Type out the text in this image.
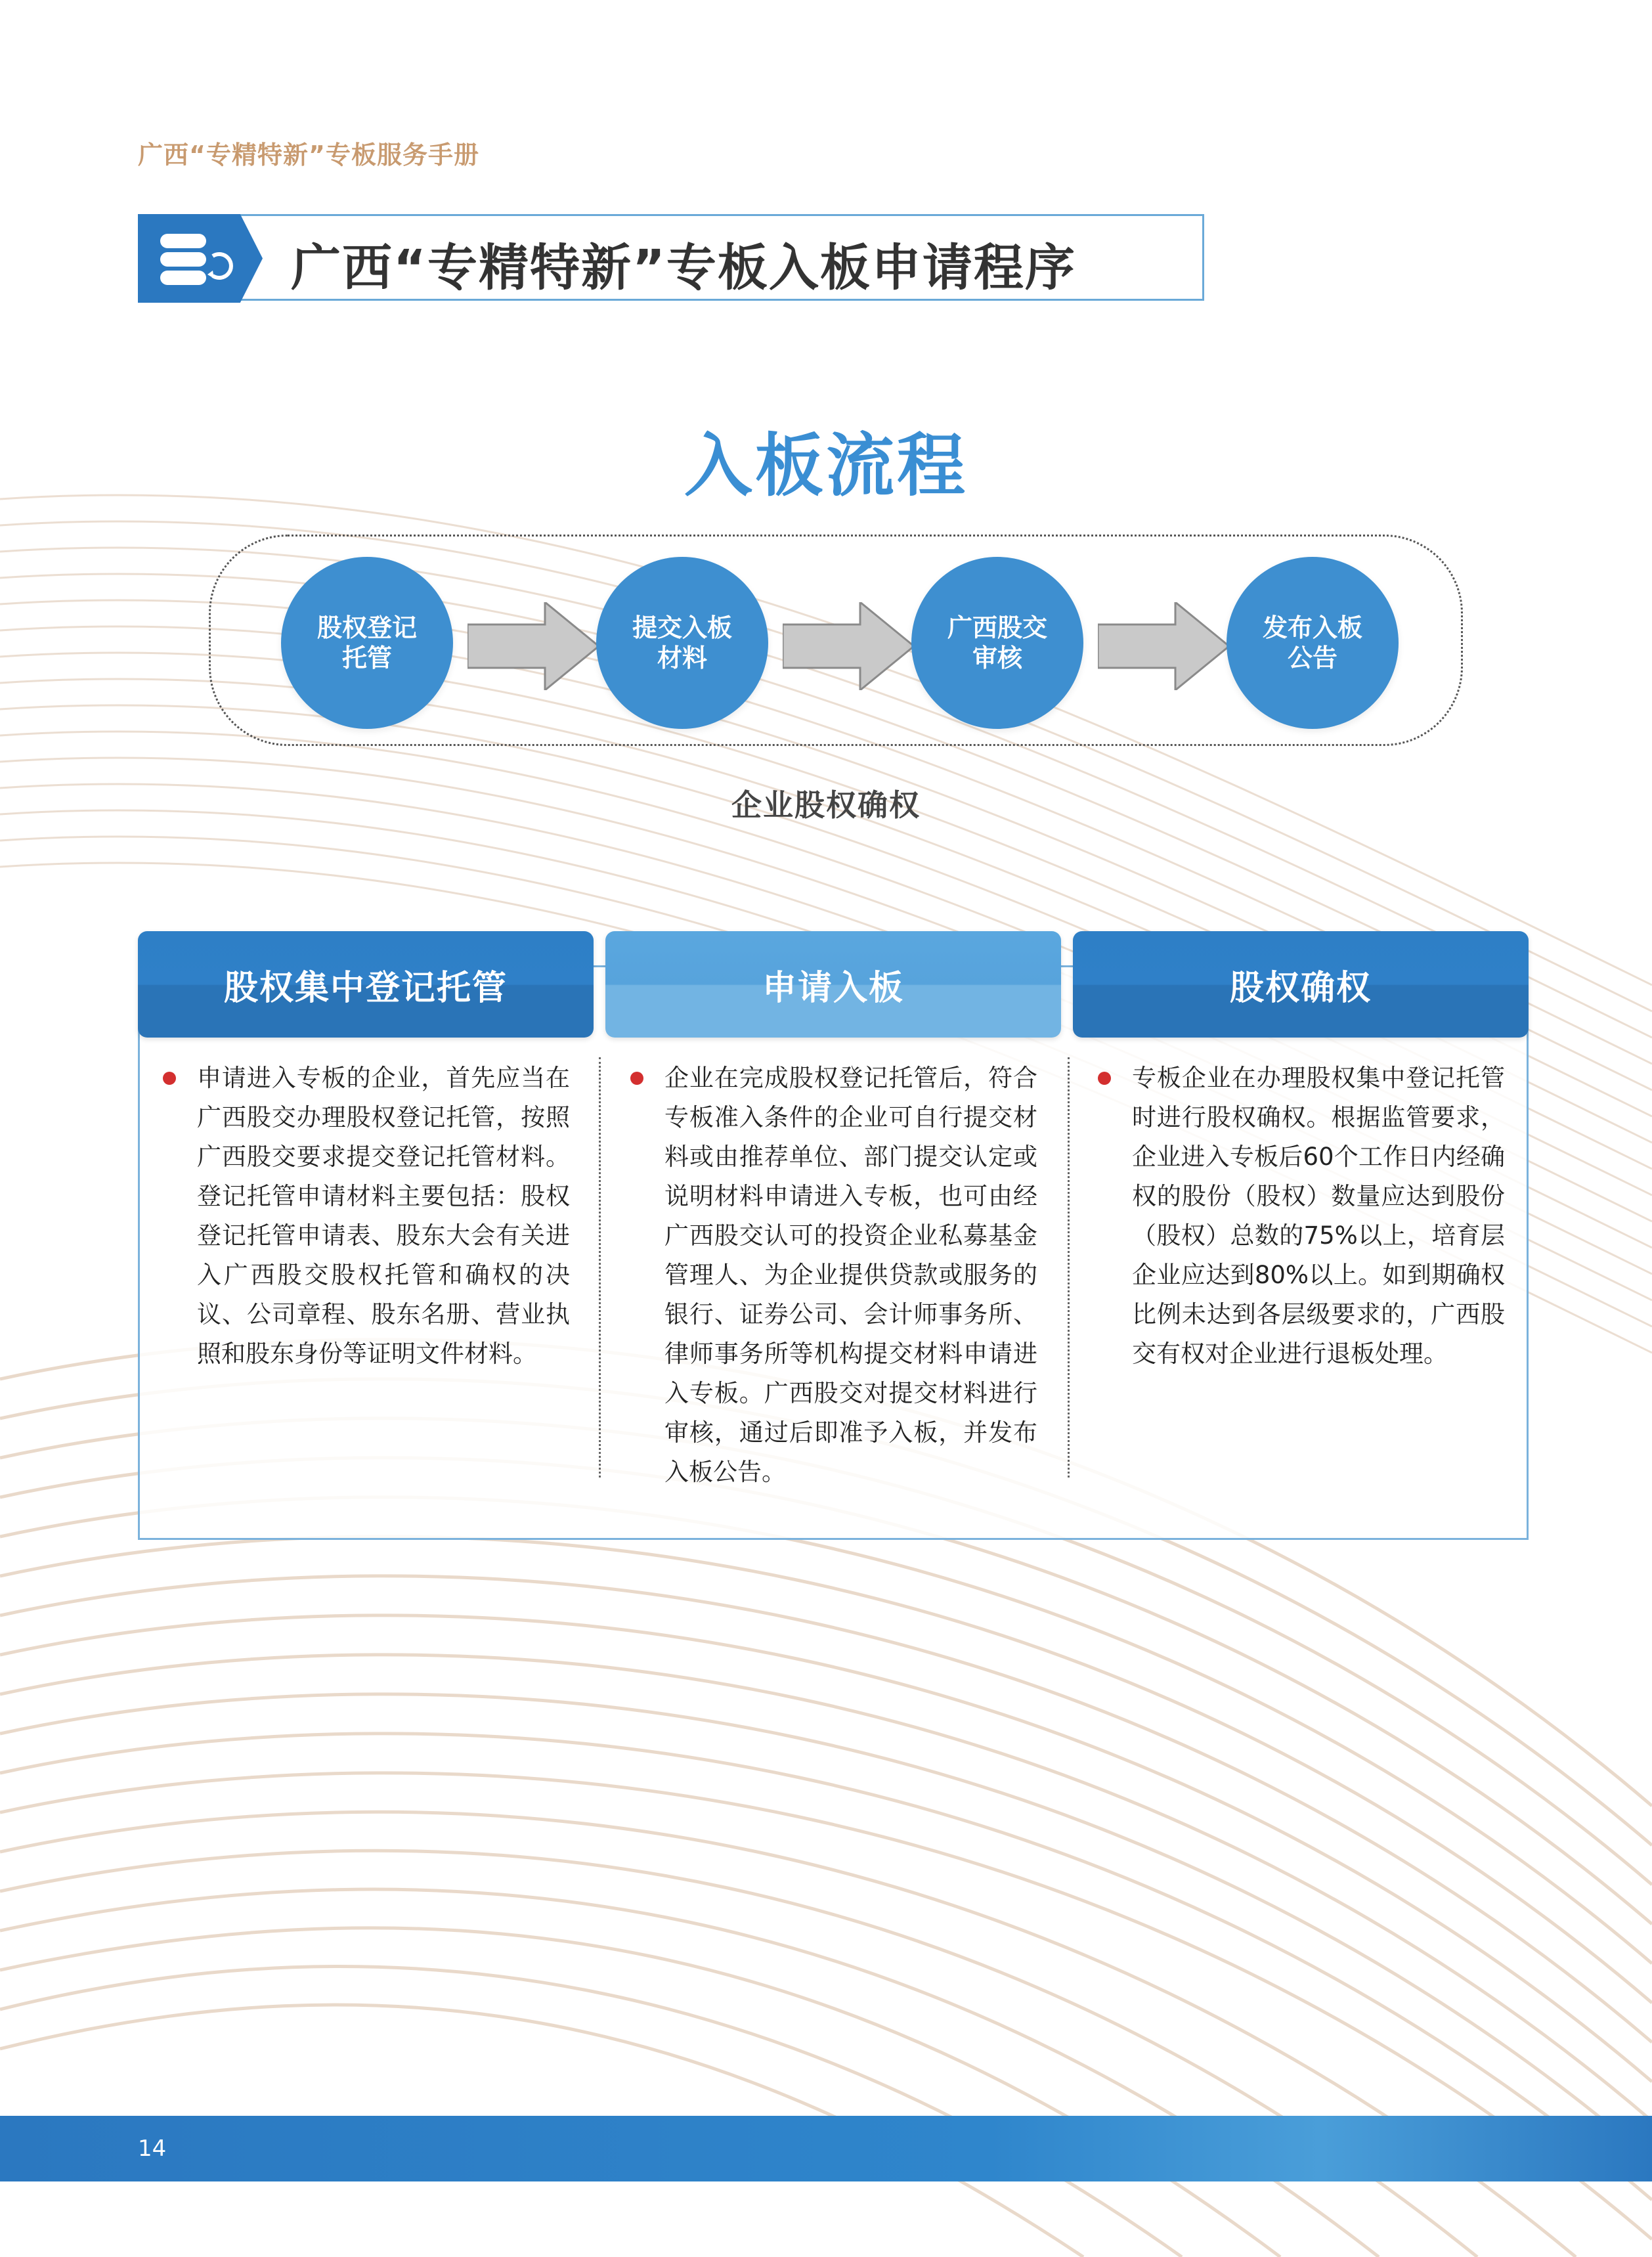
广西“专精特新”专板服务手册
广西“专精特新”专板入板申请程序
入板流程
股权登记
托管
提交入板
材料
广西股交
审核
发布入板
公告
企业股权确权
股权集中登记托管	申请入板	股权确权
申请进入专板的企业，首先应当在广西股交办理股权登记托管，按照广西股交要求提交登记托管材料。登记托管申请材料主要包括：股权登记托管申请表、股东大会有关进入广西股交股权托管和确权的决议、公司章程、股东名册、营业执照和股东身份等证明文件材料。
企业在完成股权登记托管后，符合专板准入条件的企业可自行提交材料或由推荐单位、部门提交认定或说明材料申请进入专板，也可由经广西股交认可的投资企业私募基金管理人、为企业提供贷款或服务的银行、证券公司、会计师事务所、律师事务所等机构提交材料申请进入专板。广西股交对提交材料进行审核，通过后即准予入板，并发布入板公告。
专板企业在办理股权集中登记托管时进行股权确权。根据监管要求，企业进入专板后60个工作日内经确权的股份（股权）数量应达到股份（股权）总数的75%以上，培育层企业应达到80%以上。如到期确权比例未达到各层级要求的，广西股交有权对企业进行退板处理。
14
